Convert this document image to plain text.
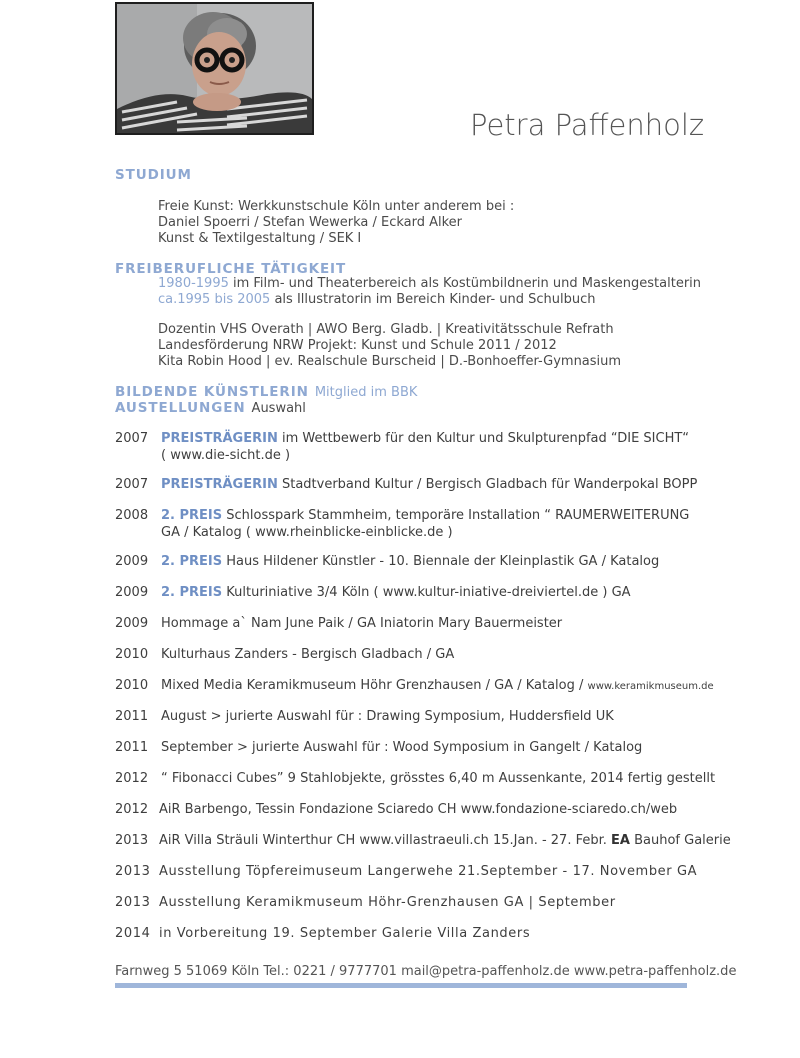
Petra Paffenholz
STUDIUM
Freie Kunst: Werkkunstschule Köln unter anderem bei :
Daniel Spoerri / Stefan Wewerka / Eckard Alker
Kunst & Textilgestaltung / SEK I
FREIBERUFLICHE TÄTIGKEIT
1980-1995 im Film- und Theaterbereich als Kostümbildnerin und Maskengestalterin
ca.1995 bis 2005 als Illustratorin im Bereich Kinder- und Schulbuch
Dozentin VHS Overath | AWO Berg. Gladb. | Kreativitätsschule Refrath
Landesförderung NRW Projekt: Kunst und Schule 2011 / 2012
Kita Robin Hood | ev. Realschule Burscheid | D.-Bonhoeffer-Gymnasium
BILDENDE KÜNSTLERIN Mitglied im BBK
AUSTELLUNGEN Auswahl
2007 PREISTRÄGERIN im Wettbewerb für den Kultur und Skulpturenpfad “DIE SICHT“
( www.die-sicht.de )
2007 PREISTRÄGERIN Stadtverband Kultur / Bergisch Gladbach für Wanderpokal BOPP
2008 2. PREIS Schlosspark Stammheim, temporäre Installation “ RAUMERWEITERUNG
GA / Katalog ( www.rheinblicke-einblicke.de )
2009 2. PREIS Haus Hildener Künstler - 10. Biennale der Kleinplastik GA / Katalog
2009 2. PREIS Kulturiniative 3/4 Köln ( www.kultur-iniative-dreiviertel.de ) GA
2009 Hommage a` Nam June Paik / GA Iniatorin Mary Bauermeister
2010 Kulturhaus Zanders - Bergisch Gladbach / GA
2010 Mixed Media Keramikmuseum Höhr Grenzhausen / GA / Katalog / www.keramikmuseum.de
2011 August > jurierte Auswahl für : Drawing Symposium, Huddersfield UK
2011 September > jurierte Auswahl für : Wood Symposium in Gangelt / Katalog
2012 “ Fibonacci Cubes” 9 Stahlobjekte, grösstes 6,40 m Aussenkante, 2014 fertig gestellt
2012 AiR Barbengo, Tessin Fondazione Sciaredo CH www.fondazione-sciaredo.ch/web
2013 AiR Villa Sträuli Winterthur CH www.villastraeuli.ch 15.Jan. - 27. Febr. EA Bauhof Galerie
2013 Ausstellung Töpfereimuseum Langerwehe 21.September - 17. November GA
2013 Ausstellung Keramikmuseum Höhr-Grenzhausen GA | September
2014 in Vorbereitung 19. September Galerie Villa Zanders
Farnweg 5 51069 Köln Tel.: 0221 / 9777701 mail@petra-paffenholz.de www.petra-paffenholz.de
